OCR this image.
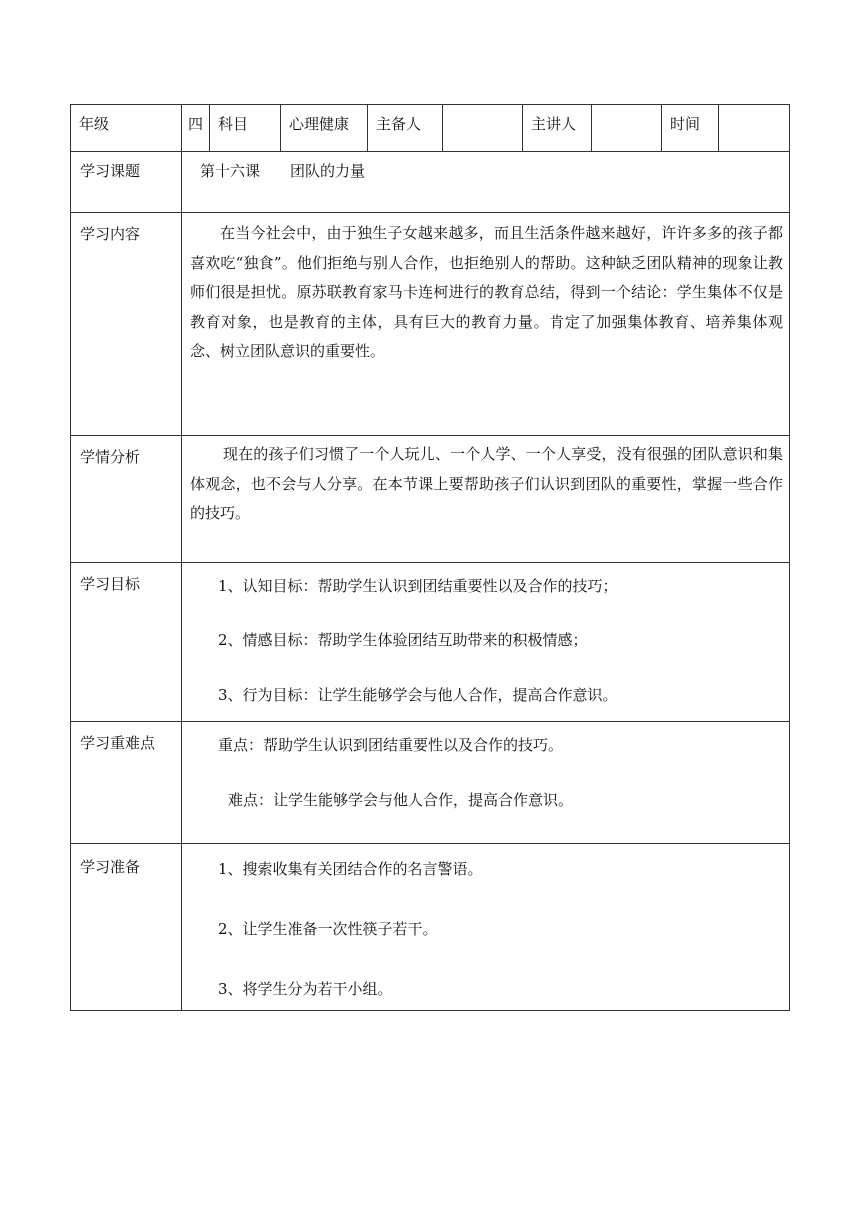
年级	四	科目	心理健康	主备人		主讲人		时间	

学习课题	第十六课　　团队的力量								

学习内容	在当今社会中，由于独生子女越来越多，而且生活条件越来越好，许许多多的孩子都喜欢吃“独食”。他们拒绝与别人合作，也拒绝别人的帮助。这种缺乏团队精神的现象让教师们很是担忧。原苏联教育家马卡连柯进行的教育总结，得到一个结论：学生集体不仅是教育对象，也是教育的主体，具有巨大的教育力量。肯定了加强集体教育、培养集体观念、树立团队意识的重要性。								

学情分析	现在的孩子们习惯了一个人玩儿、一个人学、一个人享受，没有很强的团队意识和集体观念，也不会与人分享。在本节课上要帮助孩子们认识到团队的重要性，掌握一些合作的技巧。								

学习目标	1、认知目标：帮助学生认识到团结重要性以及合作的技巧；
2、情感目标：帮助学生体验团结互助带来的积极情感；
3、行为目标：让学生能够学会与他人合作，提高合作意识。								

学习重难点	重点：帮助学生认识到团结重要性以及合作的技巧。
难点：让学生能够学会与他人合作，提高合作意识。								

学习准备	1、搜索收集有关团结合作的名言警语。
2、让学生准备一次性筷子若干。
3、将学生分为若干小组。								
